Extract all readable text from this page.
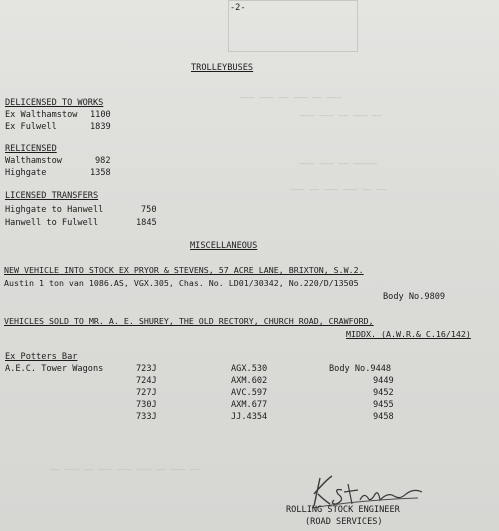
——— ——— —— ——— —— ———
——— ——— —— ——— ——
——— ——— —— —————
——— —— ——— ——— —— ——
—— ——— —— ——— ——— ——— —— ——— ——
-2-
TROLLEYBUSES
DELICENSED TO WORKS
Ex Walthamstow 1100
Ex Fulwell	1839
RELICENSED
Walthamstow	982
Highgate	1358
LICENSED TRANSFERS
Highgate to Hanwell	750
Hanwell to Fulwell	1845
MISCELLANEOUS
NEW VEHICLE INTO STOCK EX PRYOR & STEVENS, 57 ACRE LANE, BRIXTON, S.W.2.
Austin 1 ton van 1086.AS, VGX.305, Chas. No. LD01/30342, No.220/D/13505
Body No.9809
VEHICLES SOLD TO MR. A. E. SHUREY, THE OLD RECTORY, CHURCH ROAD, CRAWFORD,
MIDDX. (A.W.R.& C.16/142)
Ex Potters Bar
A.E.C. Tower Wagons	723J	AGX.530	Body No.9448
724J	AXM.602	9449
727J	AVC.597	9452
730J	AXM.677	9455
733J	JJ.4354	9458
ROLLING STOCK ENGINEER
(ROAD SERVICES)
